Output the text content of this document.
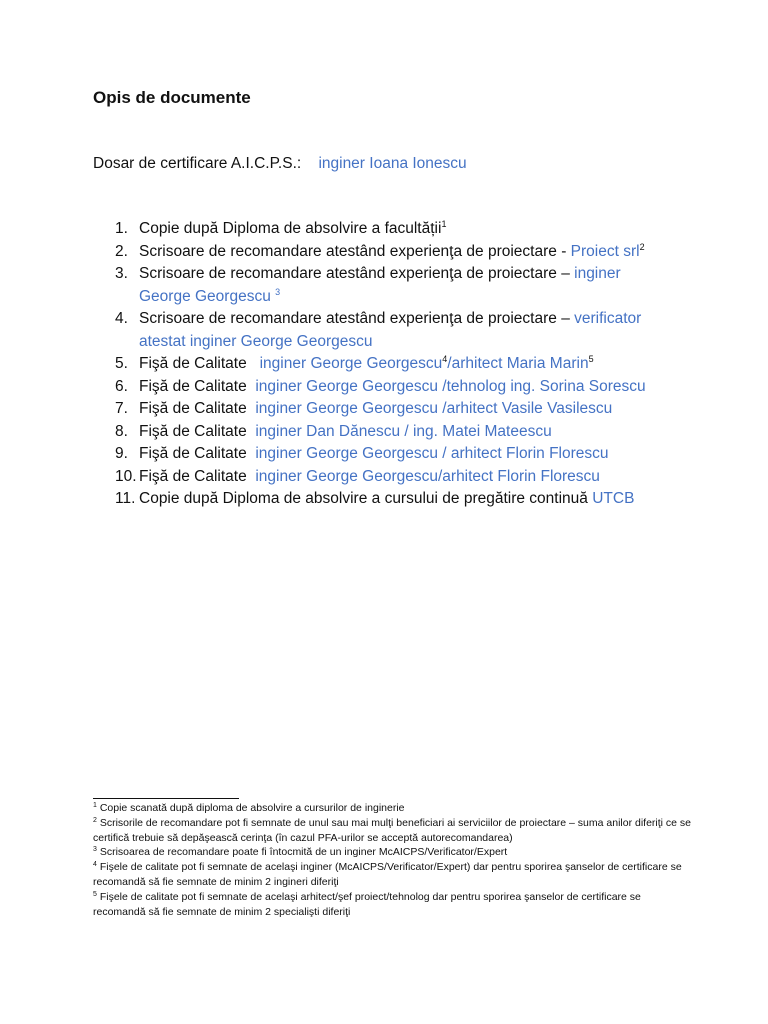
Opis de documente
Dosar de certificare A.I.C.P.S.: inginer Ioana Ionescu
1. Copie după Diploma de absolvire a facultății$^1$
2. Scrisoare de recomandare atestând experienţa de proiectare - Proiect srl$^2$
3. Scrisoare de recomandare atestând experienţa de proiectare – inginer George Georgescu $^3$
4. Scrisoare de recomandare atestând experienţa de proiectare – verificator atestat inginer George Georgescu
5. Fişă de Calitate   inginer George Georgescu$^4$/arhitect Maria Marin$^5$
6. Fişă de Calitate  inginer George Georgescu /tehnolog ing. Sorina Sorescu
7. Fişă de Calitate  inginer George Georgescu /arhitect Vasile Vasilescu
8. Fişă de Calitate  inginer Dan Dănescu / ing. Matei Mateescu
9. Fişă de Calitate  inginer George Georgescu / arhitect Florin Florescu
10. Fişă de Calitate  inginer George Georgescu/arhitect Florin Florescu
11. Copie după Diploma de absolvire a cursului de pregătire continuă UTCB

$^1$ Copie scanată după diploma de absolvire a cursurilor de inginerie

$^2$ Scrisorile de recomandare pot fi semnate de unul sau mai mulţi beneficiari ai serviciilor de proiectare – suma anilor diferiţi ce se certifică trebuie să depăşească cerinţa (în cazul PFA-urilor se acceptă autorecomandarea)

$^3$ Scrisoarea de recomandare poate fi întocmită de un inginer McAICPS/Verificator/Expert

$^4$ Fişele de calitate pot fi semnate de acelaşi inginer (McAICPS/Verificator/Expert) dar pentru sporirea şanselor de certificare se recomandă să fie semnate de minim 2 ingineri diferiţi

$^5$ Fişele de calitate pot fi semnate de acelaşi arhitect/şef proiect/tehnolog dar pentru sporirea şanselor de certificare se recomandă să fie semnate de minim 2 specialişti diferiţi
